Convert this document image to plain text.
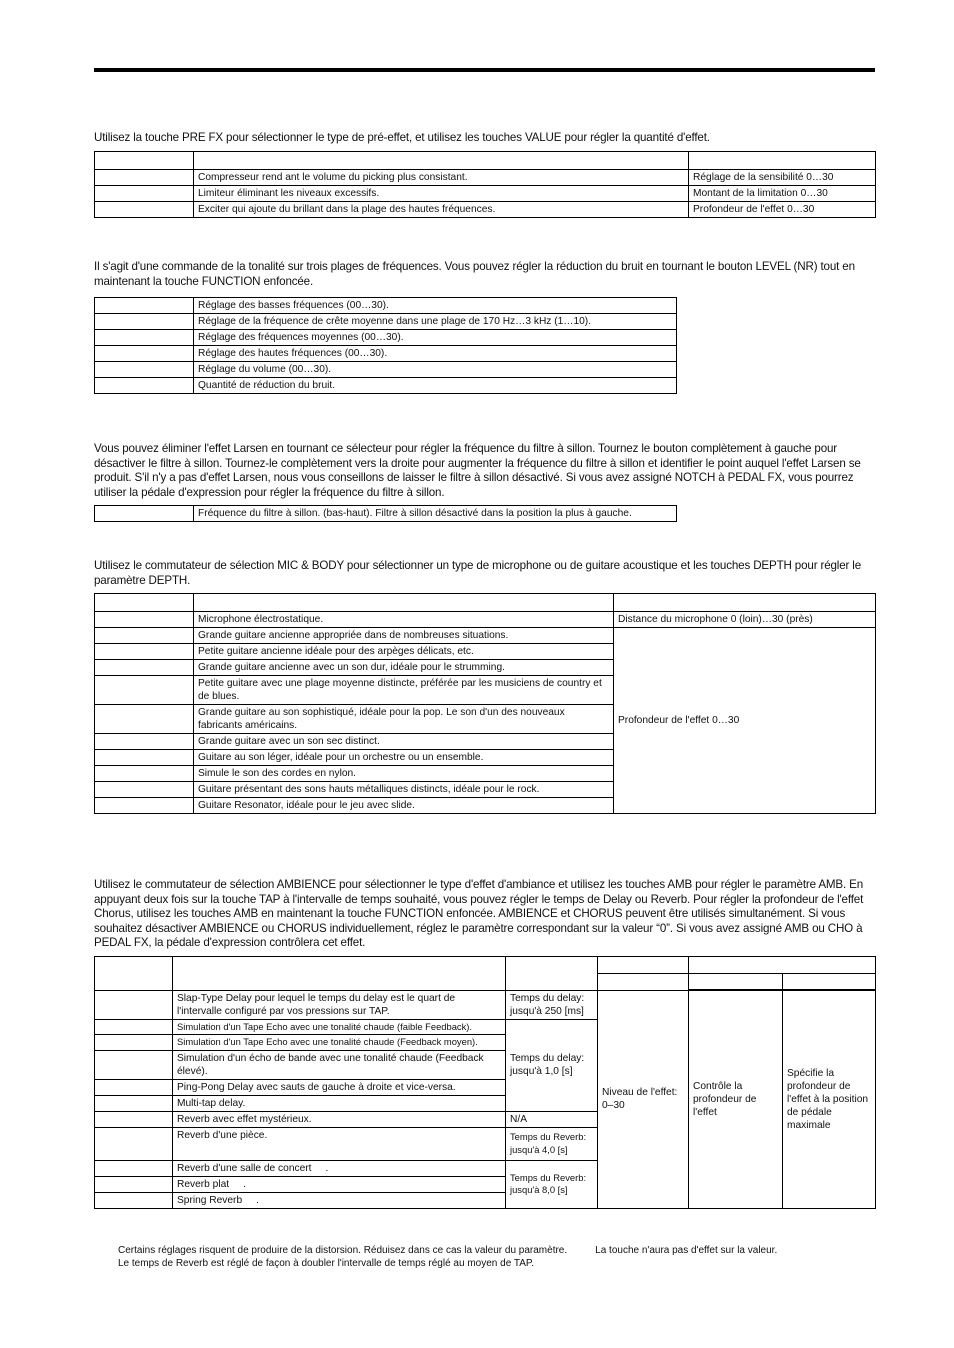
Utilisez la touche PRE FX pour sélectionner le type de pré-effet, et utilisez les touches VALUE pour régler la quantité d'effet.

	Compresseur rend ant le volume du picking plus consistant.	Réglage de la sensibilité 0…30
	Limiteur éliminant les niveaux excessifs.	Montant de la limitation 0…30
	Exciter qui ajoute du brillant dans la plage des hautes fréquences.	Profondeur de l'effet 0…30
Il s'agit d'une commande de la tonalité sur trois plages de fréquences. Vous pouvez régler la réduction du bruit en tournant le bouton LEVEL (NR) tout en maintenant la touche FUNCTION enfoncée.
	Réglage des basses fréquences (00…30).
	Réglage de la fréquence de crête moyenne dans une plage de 170 Hz…3 kHz (1…10).
	Réglage des fréquences moyennes (00…30).
	Réglage des hautes fréquences (00…30).
	Réglage du volume (00…30).
	Quantité de réduction du bruit.
Vous pouvez éliminer l'effet Larsen en tournant ce sélecteur pour régler la fréquence du filtre à sillon. Tournez le bouton complètement à gauche pour désactiver le filtre à sillon. Tournez-le complètement vers la droite pour augmenter la fréquence du filtre à sillon et identifier le point auquel l'effet Larsen se produit. S'il n'y a pas d'effet Larsen, nous vous conseillons de laisser le filtre à sillon désactivé. Si vous avez assigné NOTCH à PEDAL FX, vous pourrez utiliser la pédale d'expression pour régler la fréquence du filtre à sillon.
	Fréquence du filtre à sillon. (bas-haut). Filtre à sillon désactivé dans la position la plus à gauche.
Utilisez le commutateur de sélection MIC & BODY pour sélectionner un type de microphone ou de guitare acoustique et les touches DEPTH pour régler le paramètre DEPTH.

	Microphone électrostatique.	Distance du microphone 0 (loin)…30 (près)
	Grande guitare ancienne appropriée dans de nombreuses situations.	Profondeur de l'effet 0…30
	Petite guitare ancienne idéale pour des arpèges délicats, etc.	
	Grande guitare ancienne avec un son dur, idéale pour le strumming.	
	Petite guitare avec une plage moyenne distincte, préférée par les musiciens de country et de blues.	
	Grande guitare au son sophistiqué, idéale pour la pop. Le son d'un des nouveaux fabricants américains.	
	Grande guitare avec un son sec distinct.	
	Guitare au son léger, idéale pour un orchestre ou un ensemble.	
	Simule le son des cordes en nylon.	
	Guitare présentant des sons hauts métalliques distincts, idéale pour le rock.	
	Guitare Resonator, idéale pour le jeu avec slide.	
Utilisez le commutateur de sélection AMBIENCE pour sélectionner le type d'effet d'ambiance et utilisez les touches AMB pour régler le paramètre AMB. En appuyant deux fois sur la touche TAP à l'intervalle de temps souhaité, vous pouvez régler le temps de Delay ou Reverb. Pour régler la profondeur de l'effet Chorus, utilisez les touches AMB en maintenant la touche FUNCTION enfoncée. AMBIENCE et CHORUS peuvent être utilisés simultanément. Si vous souhaitez désactiver AMBIENCE ou CHORUS individuellement, réglez le paramètre correspondant sur la valeur “0”. Si vous avez assigné AMB ou CHO à PEDAL FX, la pédale d'expression contrôlera cet effet.

	Slap-Type Delay pour lequel le temps du delay est le quart de l'intervalle configuré par vos pressions sur TAP.	Temps du delay: jusqu'à 250 [ms]	Niveau de l'effet: 0–30	Contrôle la profondeur de l'effet	Spécifie la profondeur de l'effet à la position de pédale maximale
	Simulation d'un Tape Echo avec une tonalité chaude (faible Feedback).	Temps du delay: jusqu'à 1,0 [s]			
	Simulation d'un Tape Echo avec une tonalité chaude (Feedback moyen).				
	Simulation d'un écho de bande avec une tonalité chaude (Feedback élevé).				
	Ping-Pong Delay avec sauts de gauche à droite et vice-versa.				
	Multi-tap delay.				
	Reverb avec effet mystérieux.	N/A			
	Reverb d'une pièce.	Temps du Reverb: jusqu'à 4,0 [s]			
	Reverb d'une salle de concert .	Temps du Reverb: jusqu'à 8,0 [s]			
	Reverb plat .				
	Spring Reverb .				
Certains réglages risquent de produire de la distorsion. Réduisez dans ce cas la valeur du paramètre.	La touche n'aura pas d'effet sur la valeur.
Le temps de Reverb est réglé de façon à doubler l'intervalle de temps réglé au moyen de TAP.
